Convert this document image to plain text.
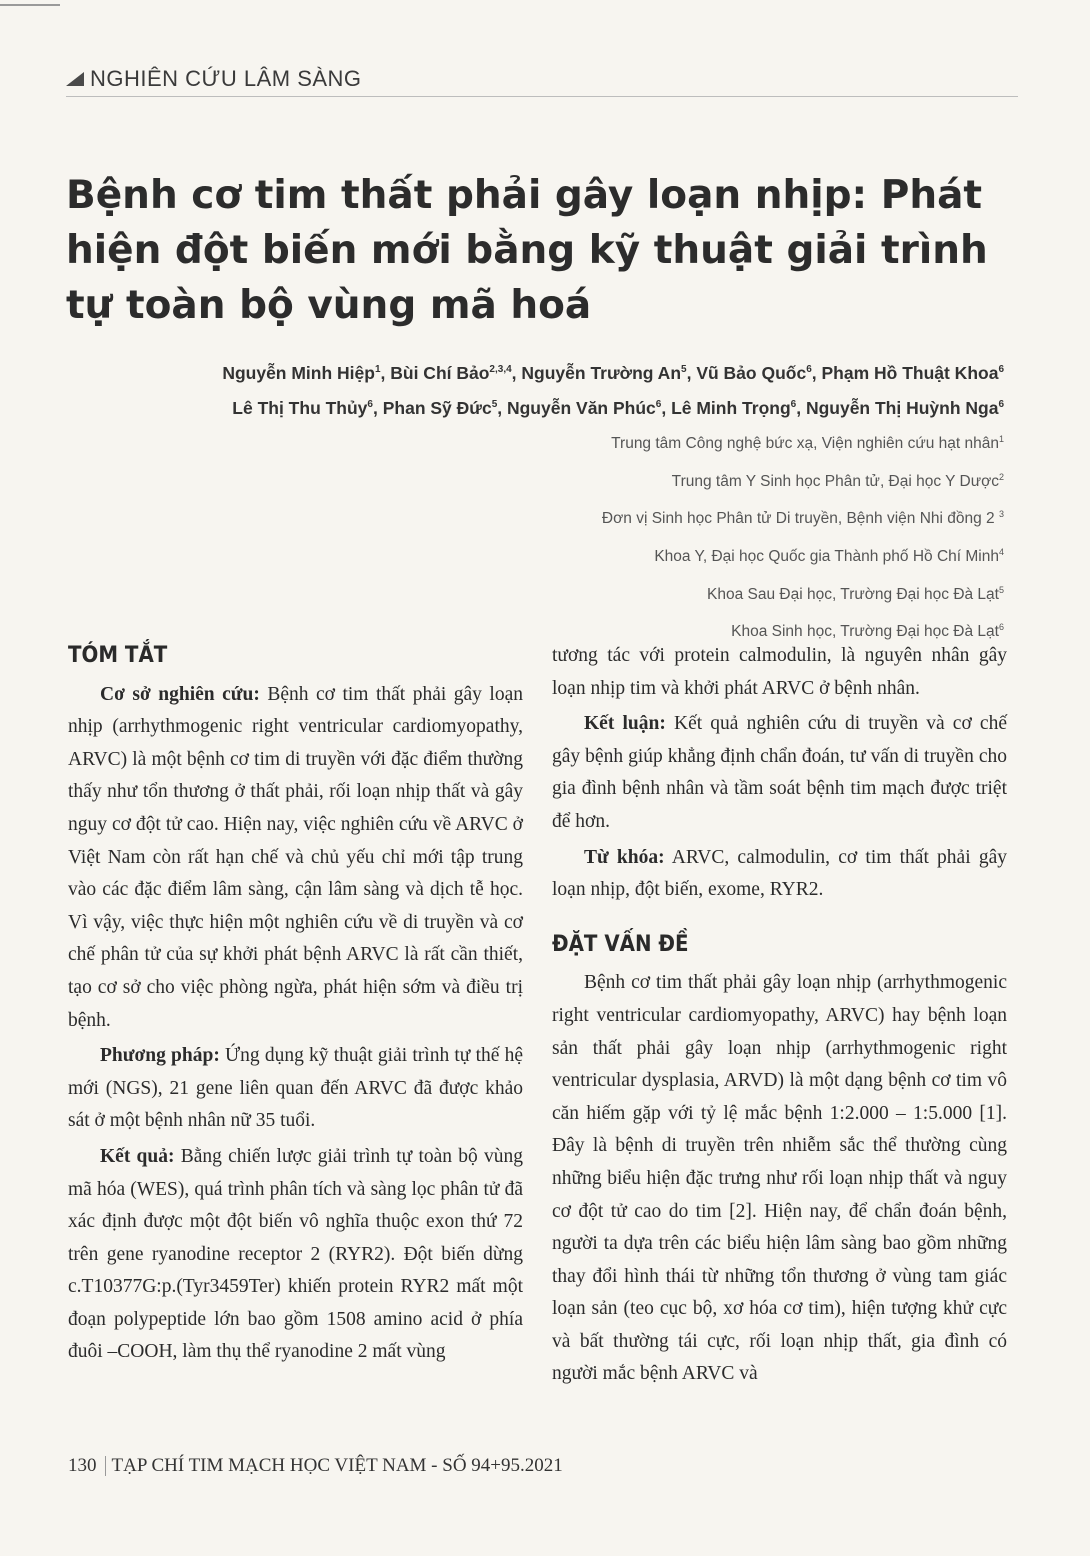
NGHIÊN CỨU LÂM SÀNG
Bệnh cơ tim thất phải gây loạn nhịp: Phát hiện đột biến mới bằng kỹ thuật giải trình tự toàn bộ vùng mã hoá
Nguyễn Minh Hiệp$^1$, Bùi Chí Bảo$^{2,3,4}$, Nguyễn Trường An$^5$, Vũ Bảo Quốc$^6$, Phạm Hồ Thuật Khoa$^6$
Lê Thị Thu Thủy$^6$, Phan Sỹ Đức$^5$, Nguyễn Văn Phúc$^6$, Lê Minh Trọng$^6$, Nguyễn Thị Huỳnh Nga$^6$
Trung tâm Công nghệ bức xạ, Viện nghiên cứu hạt nhân$^1$
Trung tâm Y Sinh học Phân tử, Đại học Y Dược$^2$
Đơn vị Sinh học Phân tử Di truyền, Bệnh viện Nhi đồng 2 $^3$
Khoa Y, Đại học Quốc gia Thành phố Hồ Chí Minh$^4$
Khoa Sau Đại học, Trường Đại học Đà Lạt$^5$
Khoa Sinh học, Trường Đại học Đà Lạt$^6$
TÓM TẮT

Cơ sở nghiên cứu: Bệnh cơ tim thất phải gây loạn nhịp (arrhythmogenic right ventricular cardiomyopathy, ARVC) là một bệnh cơ tim di truyền với đặc điểm thường thấy như tổn thương ở thất phải, rối loạn nhịp thất và gây nguy cơ đột tử cao. Hiện nay, việc nghiên cứu về ARVC ở Việt Nam còn rất hạn chế và chủ yếu chỉ mới tập trung vào các đặc điểm lâm sàng, cận lâm sàng và dịch tễ học. Vì vậy, việc thực hiện một nghiên cứu về di truyền và cơ chế phân tử của sự khởi phát bệnh ARVC là rất cần thiết, tạo cơ sở cho việc phòng ngừa, phát hiện sớm và điều trị bệnh.

Phương pháp: Ứng dụng kỹ thuật giải trình tự thế hệ mới (NGS), 21 gene liên quan đến ARVC đã được khảo sát ở một bệnh nhân nữ 35 tuổi.

Kết quả: Bằng chiến lược giải trình tự toàn bộ vùng mã hóa (WES), quá trình phân tích và sàng lọc phân tử đã xác định được một đột biến vô nghĩa thuộc exon thứ 72 trên gene ryanodine receptor 2 (RYR2). Đột biến dừng c.T10377G:p.(Tyr3459Ter) khiến protein RYR2 mất một đoạn polypeptide lớn bao gồm 1508 amino acid ở phía đuôi –COOH, làm thụ thể ryanodine 2 mất vùng

tương tác với protein calmodulin, là nguyên nhân gây loạn nhịp tim và khởi phát ARVC ở bệnh nhân.

Kết luận: Kết quả nghiên cứu di truyền và cơ chế gây bệnh giúp khẳng định chẩn đoán, tư vấn di truyền cho gia đình bệnh nhân và tầm soát bệnh tim mạch được triệt để hơn.

Từ khóa: ARVC, calmodulin, cơ tim thất phải gây loạn nhịp, đột biến, exome, RYR2.

ĐẶT VẤN ĐỀ

Bệnh cơ tim thất phải gây loạn nhịp (arrhythmogenic right ventricular cardiomyopathy, ARVC) hay bệnh loạn sản thất phải gây loạn nhịp (arrhythmogenic right ventricular dysplasia, ARVD) là một dạng bệnh cơ tim vô căn hiếm gặp với tỷ lệ mắc bệnh 1:2.000 – 1:5.000 [1]. Đây là bệnh di truyền trên nhiễm sắc thể thường cùng những biểu hiện đặc trưng như rối loạn nhịp thất và nguy cơ đột tử cao do tim [2]. Hiện nay, để chẩn đoán bệnh, người ta dựa trên các biểu hiện lâm sàng bao gồm những thay đổi hình thái từ những tổn thương ở vùng tam giác loạn sản (teo cục bộ, xơ hóa cơ tim), hiện tượng khử cực và bất thường tái cực, rối loạn nhịp thất, gia đình có người mắc bệnh ARVC và

130 TẠP CHÍ TIM MẠCH HỌC VIỆT NAM - SỐ 94+95.2021
